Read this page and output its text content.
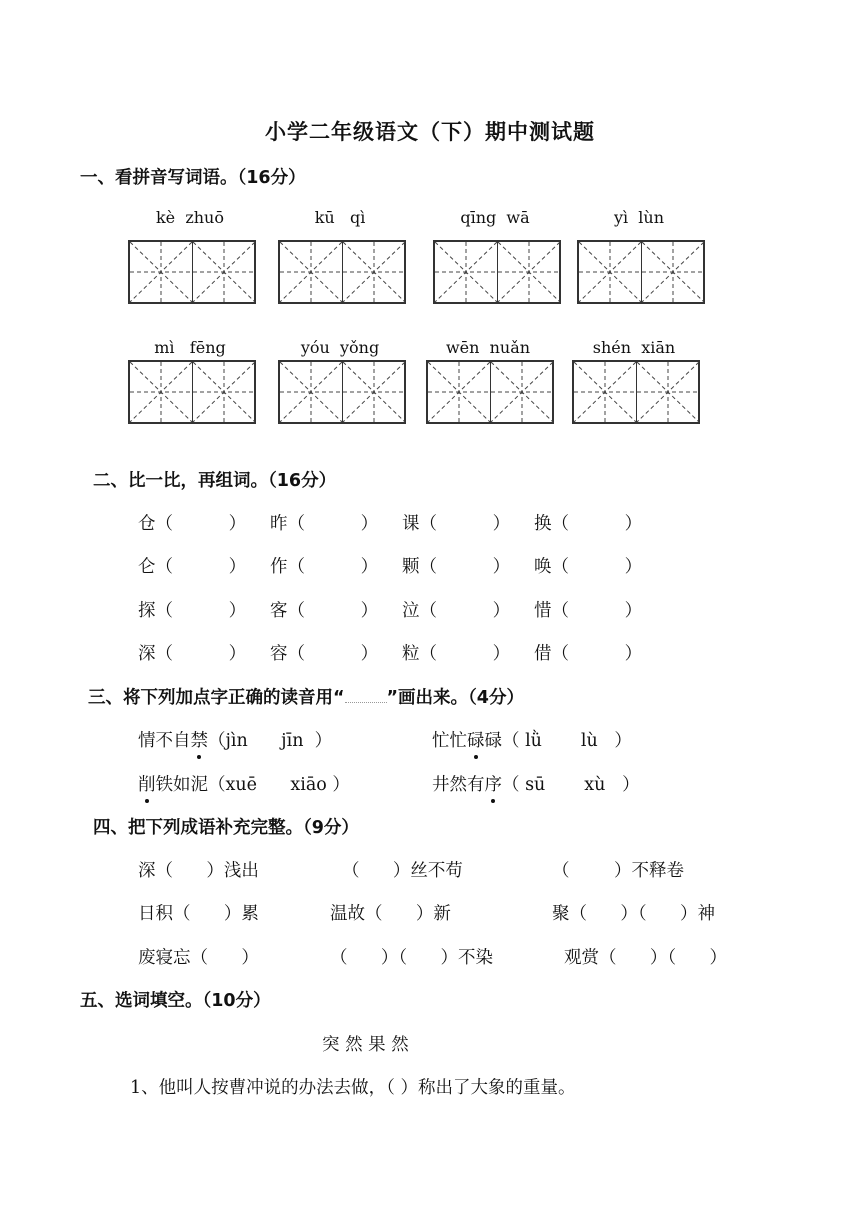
小学二年级语文（下）期中测试题
一、看拼音写词语。（16分）
kè  zhuō	kū   qì	qīng  wā	yì  lùn
mì   fēng	yóu  yǒng	wēn  nuǎn	shén  xiān
二、比一比，再组词。（16分）
仓（          ） 昨（          ） 课（          ） 换（          ）
仑（          ） 作（          ） 颗（          ） 唤（          ）
探（          ） 客（          ） 泣（          ） 惜（          ）
深（          ） 容（          ） 粒（          ） 借（          ）
三、将下列加点字正确的读音用“ ”画出来。（4分）
情不自禁（jìn      jīn  ）	忙忙碌碌（ lǜ       lù   ）
削铁如泥（xuē      xiāo ）	井然有序（ sū       xù   ）
四、把下列成语补充完整。（9分）
深（      ）浅出	（      ）丝不苟	（        ）不释卷
日积（      ）累	温故（      ）新	聚（      ）（      ）神
废寝忘（      ）	（      ）（      ）不染	观赏（      ）（      ）
五、选词填空。（10分）
突 然 果 然
1、他叫人按曹冲说的办法去做，（ ）称出了大象的重量。
